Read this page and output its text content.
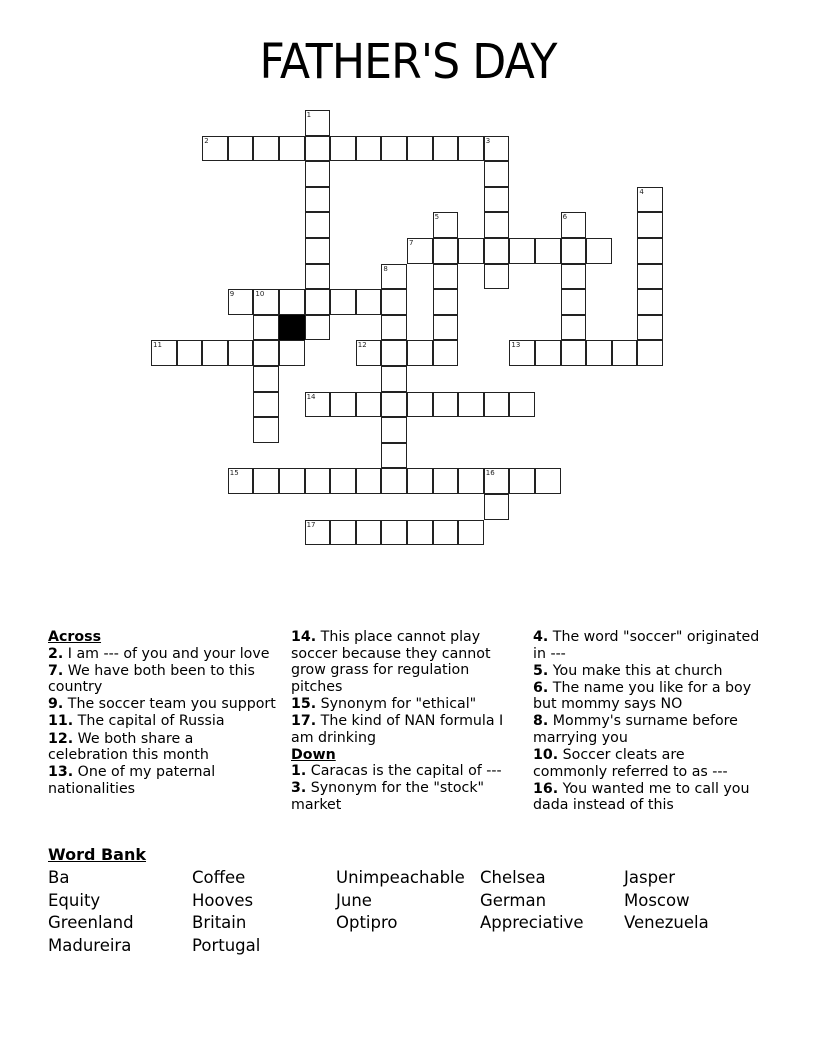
FATHER'S DAY
1
2	3
4
5	6
7
8
9	10
11	12	13
14
15	16
17
Across
2. I am --- of you and your love
7. We have both been to this country
9. The soccer team you support
11. The capital of Russia
12. We both share a celebration this month
13. One of my paternal nationalities
14. This place cannot play soccer because they cannot grow grass for regulation pitches
15. Synonym for "ethical"
17. The kind of NAN formula I am drinking
Down
1. Caracas is the capital of ---
3. Synonym for the "stock" market
4. The word "soccer" originated in ---
5. You make this at church
6. The name you like for a boy but mommy says NO
8. Mommy's surname before marrying you
10. Soccer cleats are commonly referred to as ---
16. You wanted me to call you dada instead of this
Word Bank
Ba
Equity
Greenland
Madureira
Coffee
Hooves
Britain
Portugal
Unimpeachable
June
Optipro
Chelsea
German
Appreciative
Jasper
Moscow
Venezuela
